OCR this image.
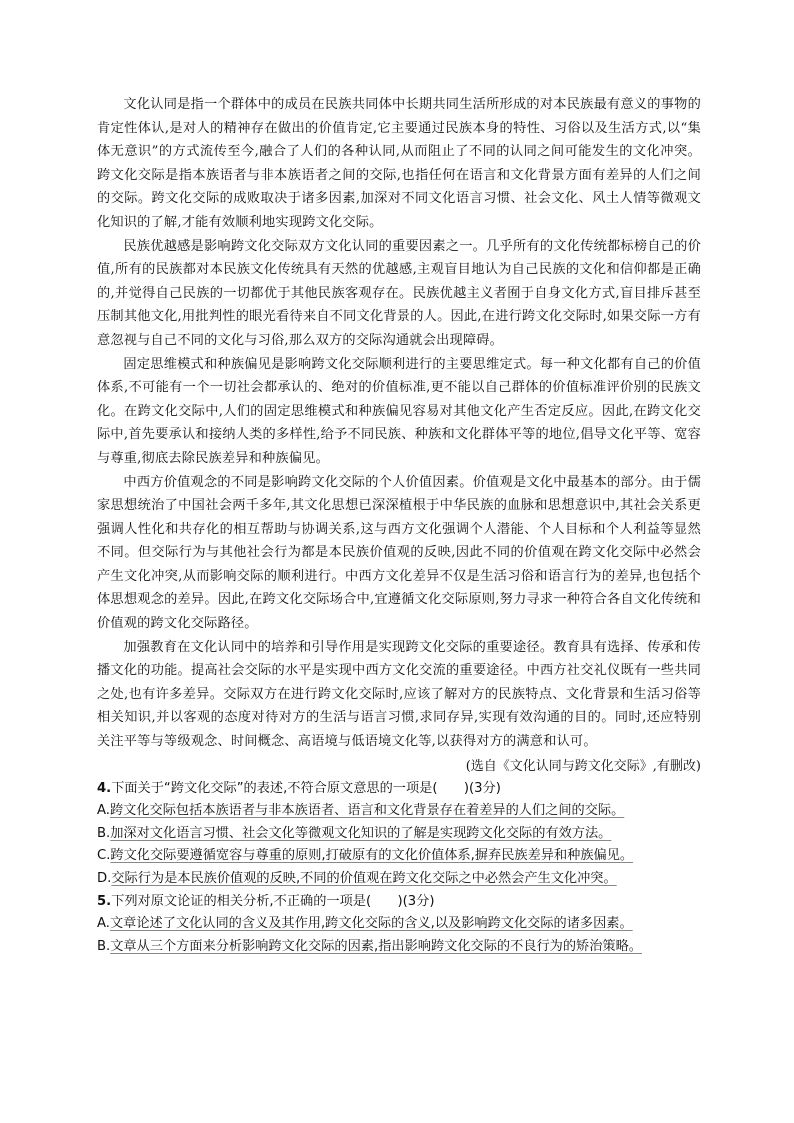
文化认同是指一个群体中的成员在民族共同体中长期共同生活所形成的对本民族最有意义的事物的肯定性体认,是对人的精神存在做出的价值肯定,它主要通过民族本身的特性、习俗以及生活方式,以“集体无意识”的方式流传至今,融合了人们的各种认同,从而阻止了不同的认同之间可能发生的文化冲突。跨文化交际是指本族语者与非本族语者之间的交际,也指任何在语言和文化背景方面有差异的人们之间的交际。跨文化交际的成败取决于诸多因素,加深对不同文化语言习惯、社会文化、风土人情等微观文化知识的了解,才能有效顺利地实现跨文化交际。

民族优越感是影响跨文化交际双方文化认同的重要因素之一。几乎所有的文化传统都标榜自己的价值,所有的民族都对本民族文化传统具有天然的优越感,主观盲目地认为自己民族的文化和信仰都是正确的,并觉得自己民族的一切都优于其他民族客观存在。民族优越主义者囿于自身文化方式,盲目排斥甚至压制其他文化,用批判性的眼光看待来自不同文化背景的人。因此,在进行跨文化交际时,如果交际一方有意忽视与自己不同的文化与习俗,那么双方的交际沟通就会出现障碍。

固定思维模式和种族偏见是影响跨文化交际顺利进行的主要思维定式。每一种文化都有自己的价值体系,不可能有一个一切社会都承认的、绝对的价值标准,更不能以自己群体的价值标准评价别的民族文化。在跨文化交际中,人们的固定思维模式和种族偏见容易对其他文化产生否定反应。因此,在跨文化交际中,首先要承认和接纳人类的多样性,给予不同民族、种族和文化群体平等的地位,倡导文化平等、宽容与尊重,彻底去除民族差异和种族偏见。

中西方价值观念的不同是影响跨文化交际的个人价值因素。价值观是文化中最基本的部分。由于儒家思想统治了中国社会两千多年,其文化思想已深深植根于中华民族的血脉和思想意识中,其社会关系更强调人性化和共存化的相互帮助与协调关系,这与西方文化强调个人潜能、个人目标和个人利益等显然不同。但交际行为与其他社会行为都是本民族价值观的反映,因此不同的价值观在跨文化交际中必然会产生文化冲突,从而影响交际的顺利进行。中西方文化差异不仅是生活习俗和语言行为的差异,也包括个体思想观念的差异。因此,在跨文化交际场合中,宜遵循文化交际原则,努力寻求一种符合各自文化传统和价值观的跨文化交际路径。

加强教育在文化认同中的培养和引导作用是实现跨文化交际的重要途径。教育具有选择、传承和传播文化的功能。提高社会交际的水平是实现中西方文化交流的重要途径。中西方社交礼仪既有一些共同之处,也有许多差异。交际双方在进行跨文化交际时,应该了解对方的民族特点、文化背景和生活习俗等相关知识,并以客观的态度对待对方的生活与语言习惯,求同存异,实现有效沟通的目的。同时,还应特别关注平等与等级观念、时间概念、高语境与低语境文化等,以获得对方的满意和认可。

(选自《文化认同与跨文化交际》,有删改)

4.下面关于“跨文化交际”的表述,不符合原文意思的一项是(　　)(3分)

A.跨文化交际包括本族语者与非本族语者、语言和文化背景存在着差异的人们之间的交际。

B.加深对文化语言习惯、社会文化等微观文化知识的了解是实现跨文化交际的有效方法。

C.跨文化交际要遵循宽容与尊重的原则,打破原有的文化价值体系,摒弃民族差异和种族偏见。

D.交际行为是本民族价值观的反映,不同的价值观在跨文化交际之中必然会产生文化冲突。

5.下列对原文论证的相关分析,不正确的一项是(　　)(3分)

A.文章论述了文化认同的含义及其作用,跨文化交际的含义,以及影响跨文化交际的诸多因素。

B.文章从三个方面来分析影响跨文化交际的因素,指出影响跨文化交际的不良行为的矫治策略。
